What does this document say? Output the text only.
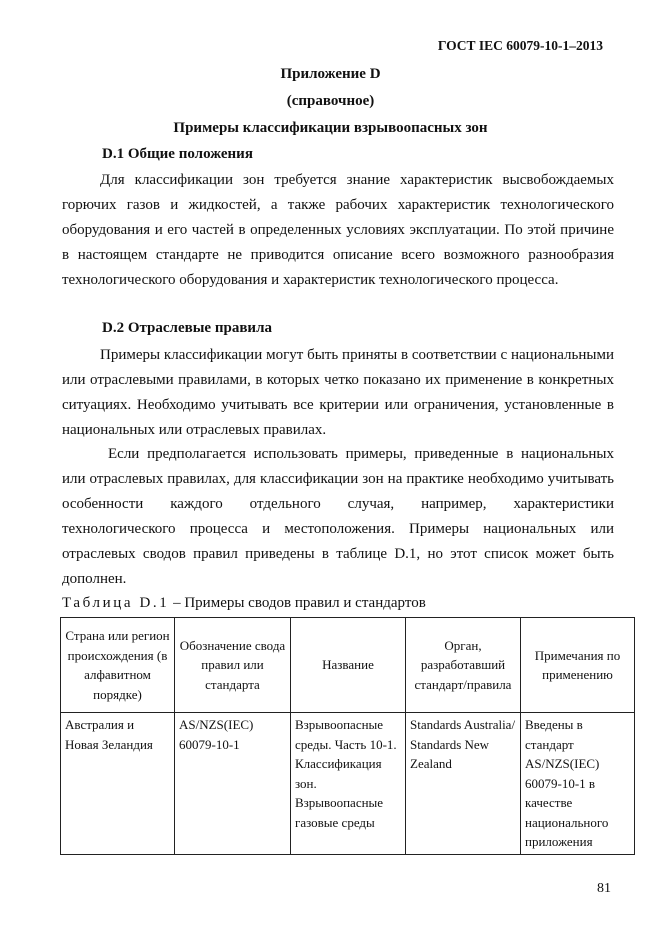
ГОСТ IEC 60079-10-1–2013
Приложение D
(справочное)
Примеры классификации взрывоопасных зон
D.1 Общие положения

Для классификации зон требуется знание характеристик высвобождаемых горючих газов и жидкостей, а также рабочих характеристик технологического оборудования и его частей в определенных условиях эксплуатации. По этой причине в настоящем стандарте не приводится описание всего возможного разнообразия технологического оборудования и характеристик технологического процесса.

D.2 Отраслевые правила

Примеры классификации могут быть приняты в соответствии с национальными или отраслевыми правилами, в которых четко показано их применение в конкретных ситуациях. Необходимо учитывать все критерии или ограничения, установленные в национальных или отраслевых правилах.

Если предполагается использовать примеры, приведенные в национальных или отраслевых правилах, для классификации зон на практике необходимо учитывать особенности каждого отдельного случая, например, характеристики технологического процесса и местоположения. Примеры национальных или отраслевых сводов правил приведены в таблице D.1, но этот список может быть дополнен.

Таблица D.1 – Примеры сводов правил и стандартов
Страна или регион происхождения (в алфавитном порядке)	Обозначение свода правил или стандарта	Название	Орган, разработавший стандарт/правила	Примечания по применению
Австралия и Новая Зеландия	AS/NZS(IEC) 60079-10-1	Взрывоопасные среды. Часть 10-1. Классификация зон. Взрывоопасные газовые среды	Standards Australia/ Standards New Zealand	Введены в стандарт AS/NZS(IEC) 60079-10-1 в качестве национального приложения
81
